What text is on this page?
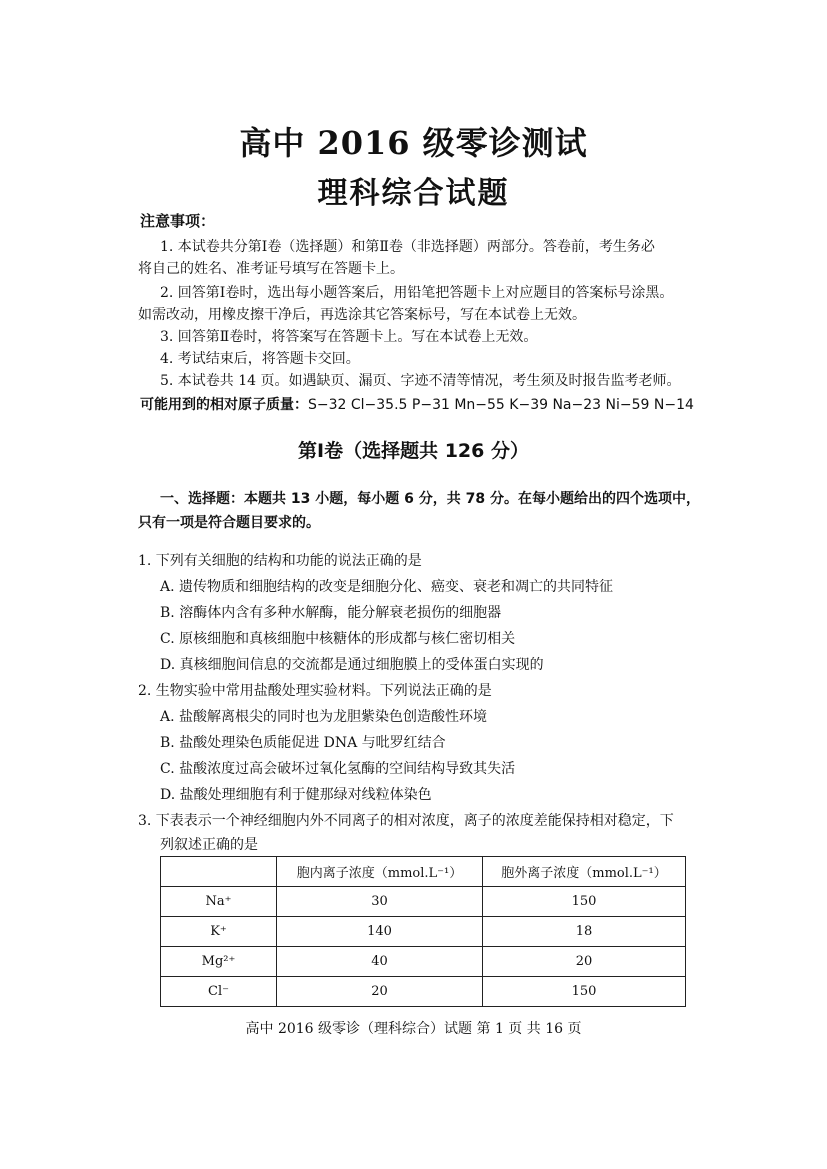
高中 2016 级零诊测试
理科综合试题
注意事项：
1. 本试卷共分第Ⅰ卷（选择题）和第Ⅱ卷（非选择题）两部分。答卷前，考生务必
将自己的姓名、准考证号填写在答题卡上。
2. 回答第Ⅰ卷时，选出每小题答案后，用铅笔把答题卡上对应题目的答案标号涂黑。
如需改动，用橡皮擦干净后，再选涂其它答案标号，写在本试卷上无效。
3. 回答第Ⅱ卷时，将答案写在答题卡上。写在本试卷上无效。
4. 考试结束后，将答题卡交回。
5. 本试卷共 14 页。如遇缺页、漏页、字迹不清等情况，考生须及时报告监考老师。
可能用到的相对原子质量：S−32 Cl−35.5 P−31 Mn−55 K−39 Na−23 Ni−59 N−14
第Ⅰ卷（选择题共 126 分）
一、选择题：本题共 13 小题，每小题 6 分，共 78 分。在每小题给出的四个选项中，
只有一项是符合题目要求的。
1. 下列有关细胞的结构和功能的说法正确的是
A. 遗传物质和细胞结构的改变是细胞分化、癌变、衰老和凋亡的共同特征
B. 溶酶体内含有多种水解酶，能分解衰老损伤的细胞器
C. 原核细胞和真核细胞中核糖体的形成都与核仁密切相关
D. 真核细胞间信息的交流都是通过细胞膜上的受体蛋白实现的
2. 生物实验中常用盐酸处理实验材料。下列说法正确的是
A. 盐酸解离根尖的同时也为龙胆紫染色创造酸性环境
B. 盐酸处理染色质能促进 DNA 与吡罗红结合
C. 盐酸浓度过高会破坏过氧化氢酶的空间结构导致其失活
D. 盐酸处理细胞有利于健那绿对线粒体染色
3. 下表表示一个神经细胞内外不同离子的相对浓度，离子的浓度差能保持相对稳定，下
列叙述正确的是
	胞内离子浓度（mmol.L⁻¹）	胞外离子浓度（mmol.L⁻¹）
Na⁺	30	150
K⁺	140	18
Mg²⁺	40	20
Cl⁻	20	150
高中 2016 级零诊（理科综合）试题 第 1 页 共 16 页
